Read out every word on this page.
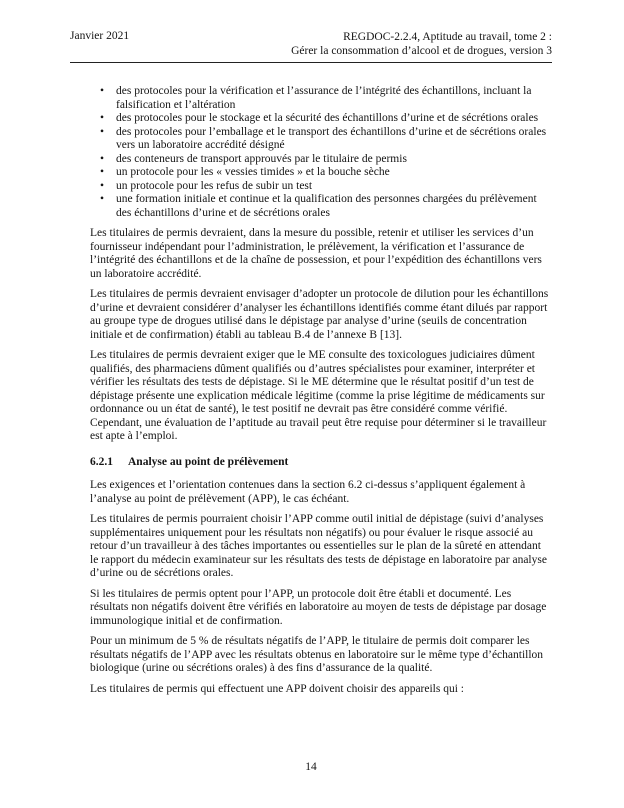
Janvier 2021	REGDOC-2.2.4, Aptitude au travail, tome 2 :
Gérer la consommation d’alcool et de drogues, version 3
• des protocoles pour la vérification et l’assurance de l’intégrité des échantillons, incluant la falsification et l’altération
• des protocoles pour le stockage et la sécurité des échantillons d’urine et de sécrétions orales
• des protocoles pour l’emballage et le transport des échantillons d’urine et de sécrétions orales vers un laboratoire accrédité désigné
• des conteneurs de transport approuvés par le titulaire de permis
• un protocole pour les « vessies timides » et la bouche sèche
• un protocole pour les refus de subir un test
• une formation initiale et continue et la qualification des personnes chargées du prélèvement des échantillons d’urine et de sécrétions orales

Les titulaires de permis devraient, dans la mesure du possible, retenir et utiliser les services d’un fournisseur indépendant pour l’administration, le prélèvement, la vérification et l’assurance de l’intégrité des échantillons et de la chaîne de possession, et pour l’expédition des échantillons vers un laboratoire accrédité.

Les titulaires de permis devraient envisager d’adopter un protocole de dilution pour les échantillons d’urine et devraient considérer d’analyser les échantillons identifiés comme étant dilués par rapport au groupe type de drogues utilisé dans le dépistage par analyse d’urine (seuils de concentration initiale et de confirmation) établi au tableau B.4 de l’annexe B [13].

Les titulaires de permis devraient exiger que le ME consulte des toxicologues judiciaires dûment qualifiés, des pharmaciens dûment qualifiés ou d’autres spécialistes pour examiner, interpréter et vérifier les résultats des tests de dépistage. Si le ME détermine que le résultat positif d’un test de dépistage présente une explication médicale légitime (comme la prise légitime de médicaments sur ordonnance ou un état de santé), le test positif ne devrait pas être considéré comme vérifié. Cependant, une évaluation de l’aptitude au travail peut être requise pour déterminer si le travailleur est apte à l’emploi.

6.2.1	Analyse au point de prélèvement

Les exigences et l’orientation contenues dans la section 6.2 ci-dessus s’appliquent également à l’analyse au point de prélèvement (APP), le cas échéant.

Les titulaires de permis pourraient choisir l’APP comme outil initial de dépistage (suivi d’analyses supplémentaires uniquement pour les résultats non négatifs) ou pour évaluer le risque associé au retour d’un travailleur à des tâches importantes ou essentielles sur le plan de la sûreté en attendant le rapport du médecin examinateur sur les résultats des tests de dépistage en laboratoire par analyse d’urine ou de sécrétions orales.

Si les titulaires de permis optent pour l’APP, un protocole doit être établi et documenté. Les résultats non négatifs doivent être vérifiés en laboratoire au moyen de tests de dépistage par dosage immunologique initial et de confirmation.

Pour un minimum de 5 % de résultats négatifs de l’APP, le titulaire de permis doit comparer les résultats négatifs de l’APP avec les résultats obtenus en laboratoire sur le même type d’échantillon biologique (urine ou sécrétions orales) à des fins d’assurance de la qualité.

Les titulaires de permis qui effectuent une APP doivent choisir des appareils qui :

14
